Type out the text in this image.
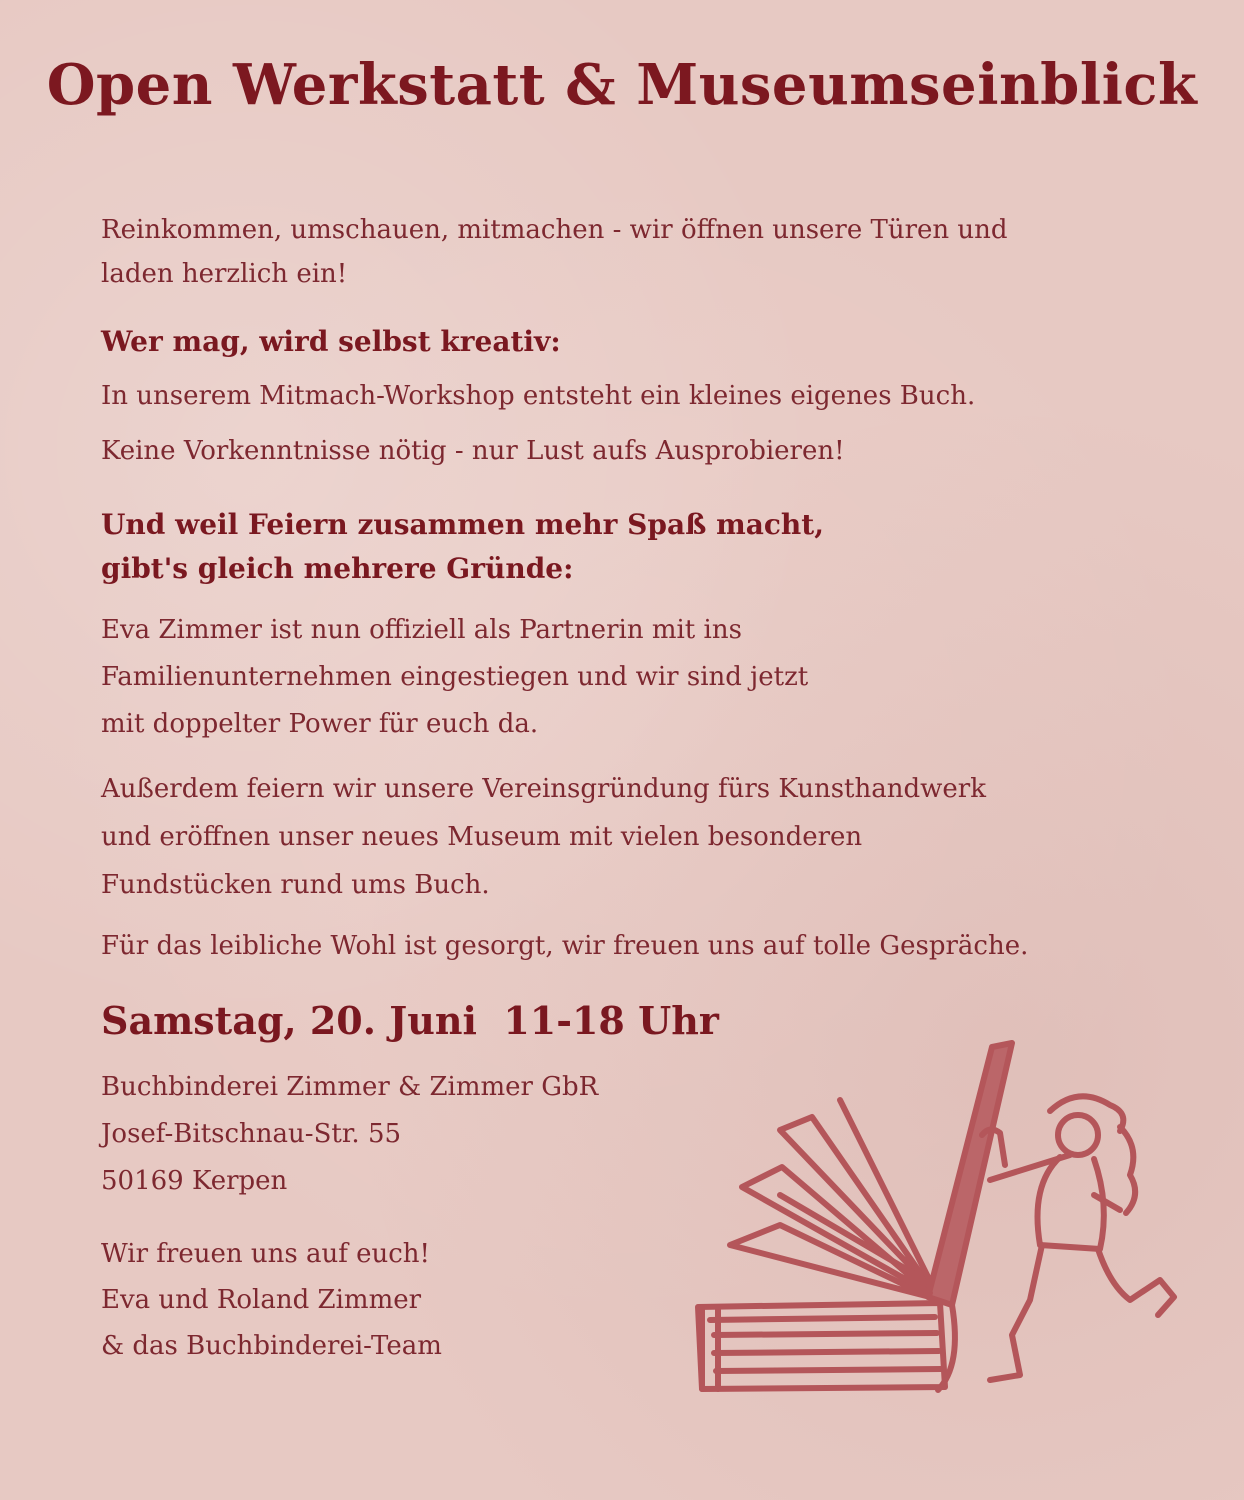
Open Werkstatt & Museumseinblick

Reinkommen, umschauen, mitmachen - wir öffnen unsere Türen und

laden herzlich ein!

Wer mag, wird selbst kreativ:

In unserem Mitmach-Workshop entsteht ein kleines eigenes Buch.

Keine Vorkenntnisse nötig - nur Lust aufs Ausprobieren!

Und weil Feiern zusammen mehr Spaß macht,

gibt's gleich mehrere Gründe:

Eva Zimmer ist nun offiziell als Partnerin mit ins

Familienunternehmen eingestiegen und wir sind jetzt

mit doppelter Power für euch da.

Außerdem feiern wir unsere Vereinsgründung fürs Kunsthandwerk

und eröffnen unser neues Museum mit vielen besonderen

Fundstücken rund ums Buch.

Für das leibliche Wohl ist gesorgt, wir freuen uns auf tolle Gespräche.

Samstag, 20. Juni  11-18 Uhr

Buchbinderei Zimmer & Zimmer GbR

Josef-Bitschnau-Str. 55

50169 Kerpen

Wir freuen uns auf euch!

Eva und Roland Zimmer

& das Buchbinderei-Team
